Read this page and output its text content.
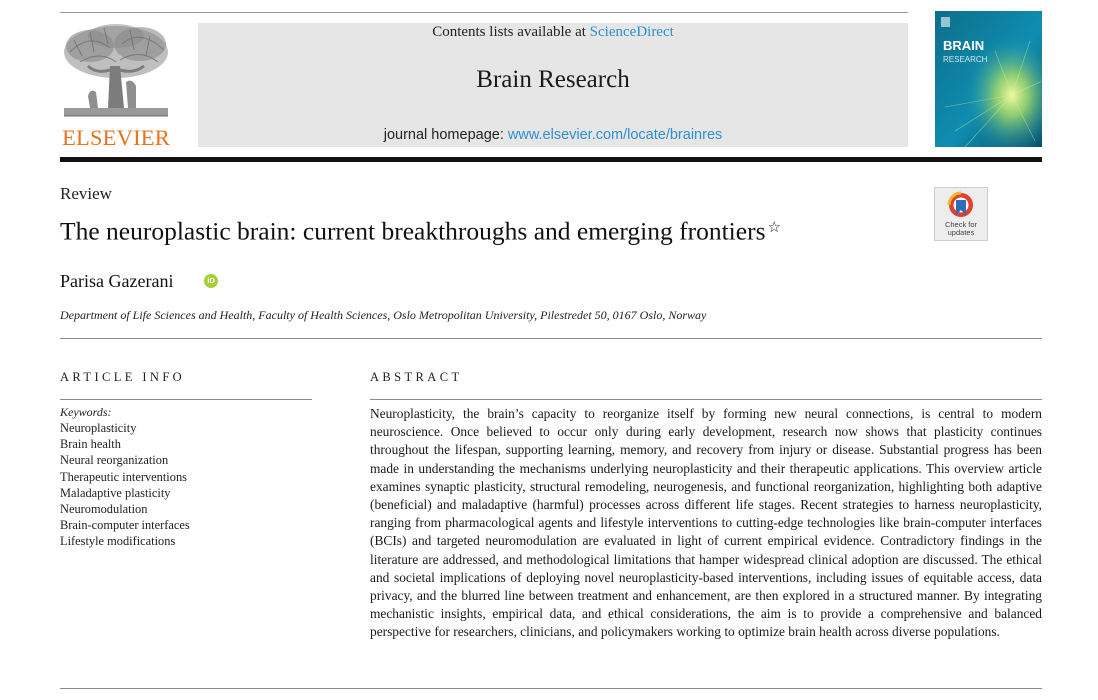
ELSEVIER
Contents lists available at ScienceDirect
Brain Research
journal homepage: www.elsevier.com/locate/brainres
BRAIN
RESEARCH
Review
The neuroplastic brain: current breakthroughs and emerging frontiers ☆	Check for updates
Parisa Gazerani	iD
Department of Life Sciences and Health, Faculty of Health Sciences, Oslo Metropolitan University, Pilestredet 50, 0167 Oslo, Norway
ARTICLE INFO	ABSTRACT
Keywords:
Neuroplasticity
Brain health
Neural reorganization
Therapeutic interventions
Maladaptive plasticity
Neuromodulation
Brain-computer interfaces
Lifestyle modifications

Neuroplasticity, the brain’s capacity to reorganize itself by forming new neural connections, is central to modern neuroscience. Once believed to occur only during early development, research now shows that plasticity continues throughout the lifespan, supporting learning, memory, and recovery from injury or disease. Substantial progress has been made in understanding the mechanisms underlying neuroplasticity and their therapeutic applications. This overview article examines synaptic plasticity, structural remodeling, neurogenesis, and functional reorganization, highlighting both adaptive (beneficial) and maladaptive (harmful) processes across different life stages. Recent strategies to harness neuroplasticity, ranging from pharmacological agents and lifestyle interventions to cutting-edge technologies like brain-computer interfaces (BCIs) and targeted neuromodulation are evaluated in light of current empirical evidence. Contradictory findings in the literature are addressed, and methodological limitations that hamper widespread clinical adoption are discussed. The ethical and societal implications of deploying novel neuroplasticity-based interventions, including issues of equitable access, data privacy, and the blurred line between treatment and enhancement, are then explored in a structured manner. By integrating mechanistic insights, empirical data, and ethical considerations, the aim is to provide a comprehensive and balanced perspective for researchers, clinicians, and policymakers working to optimize brain health across diverse populations.
